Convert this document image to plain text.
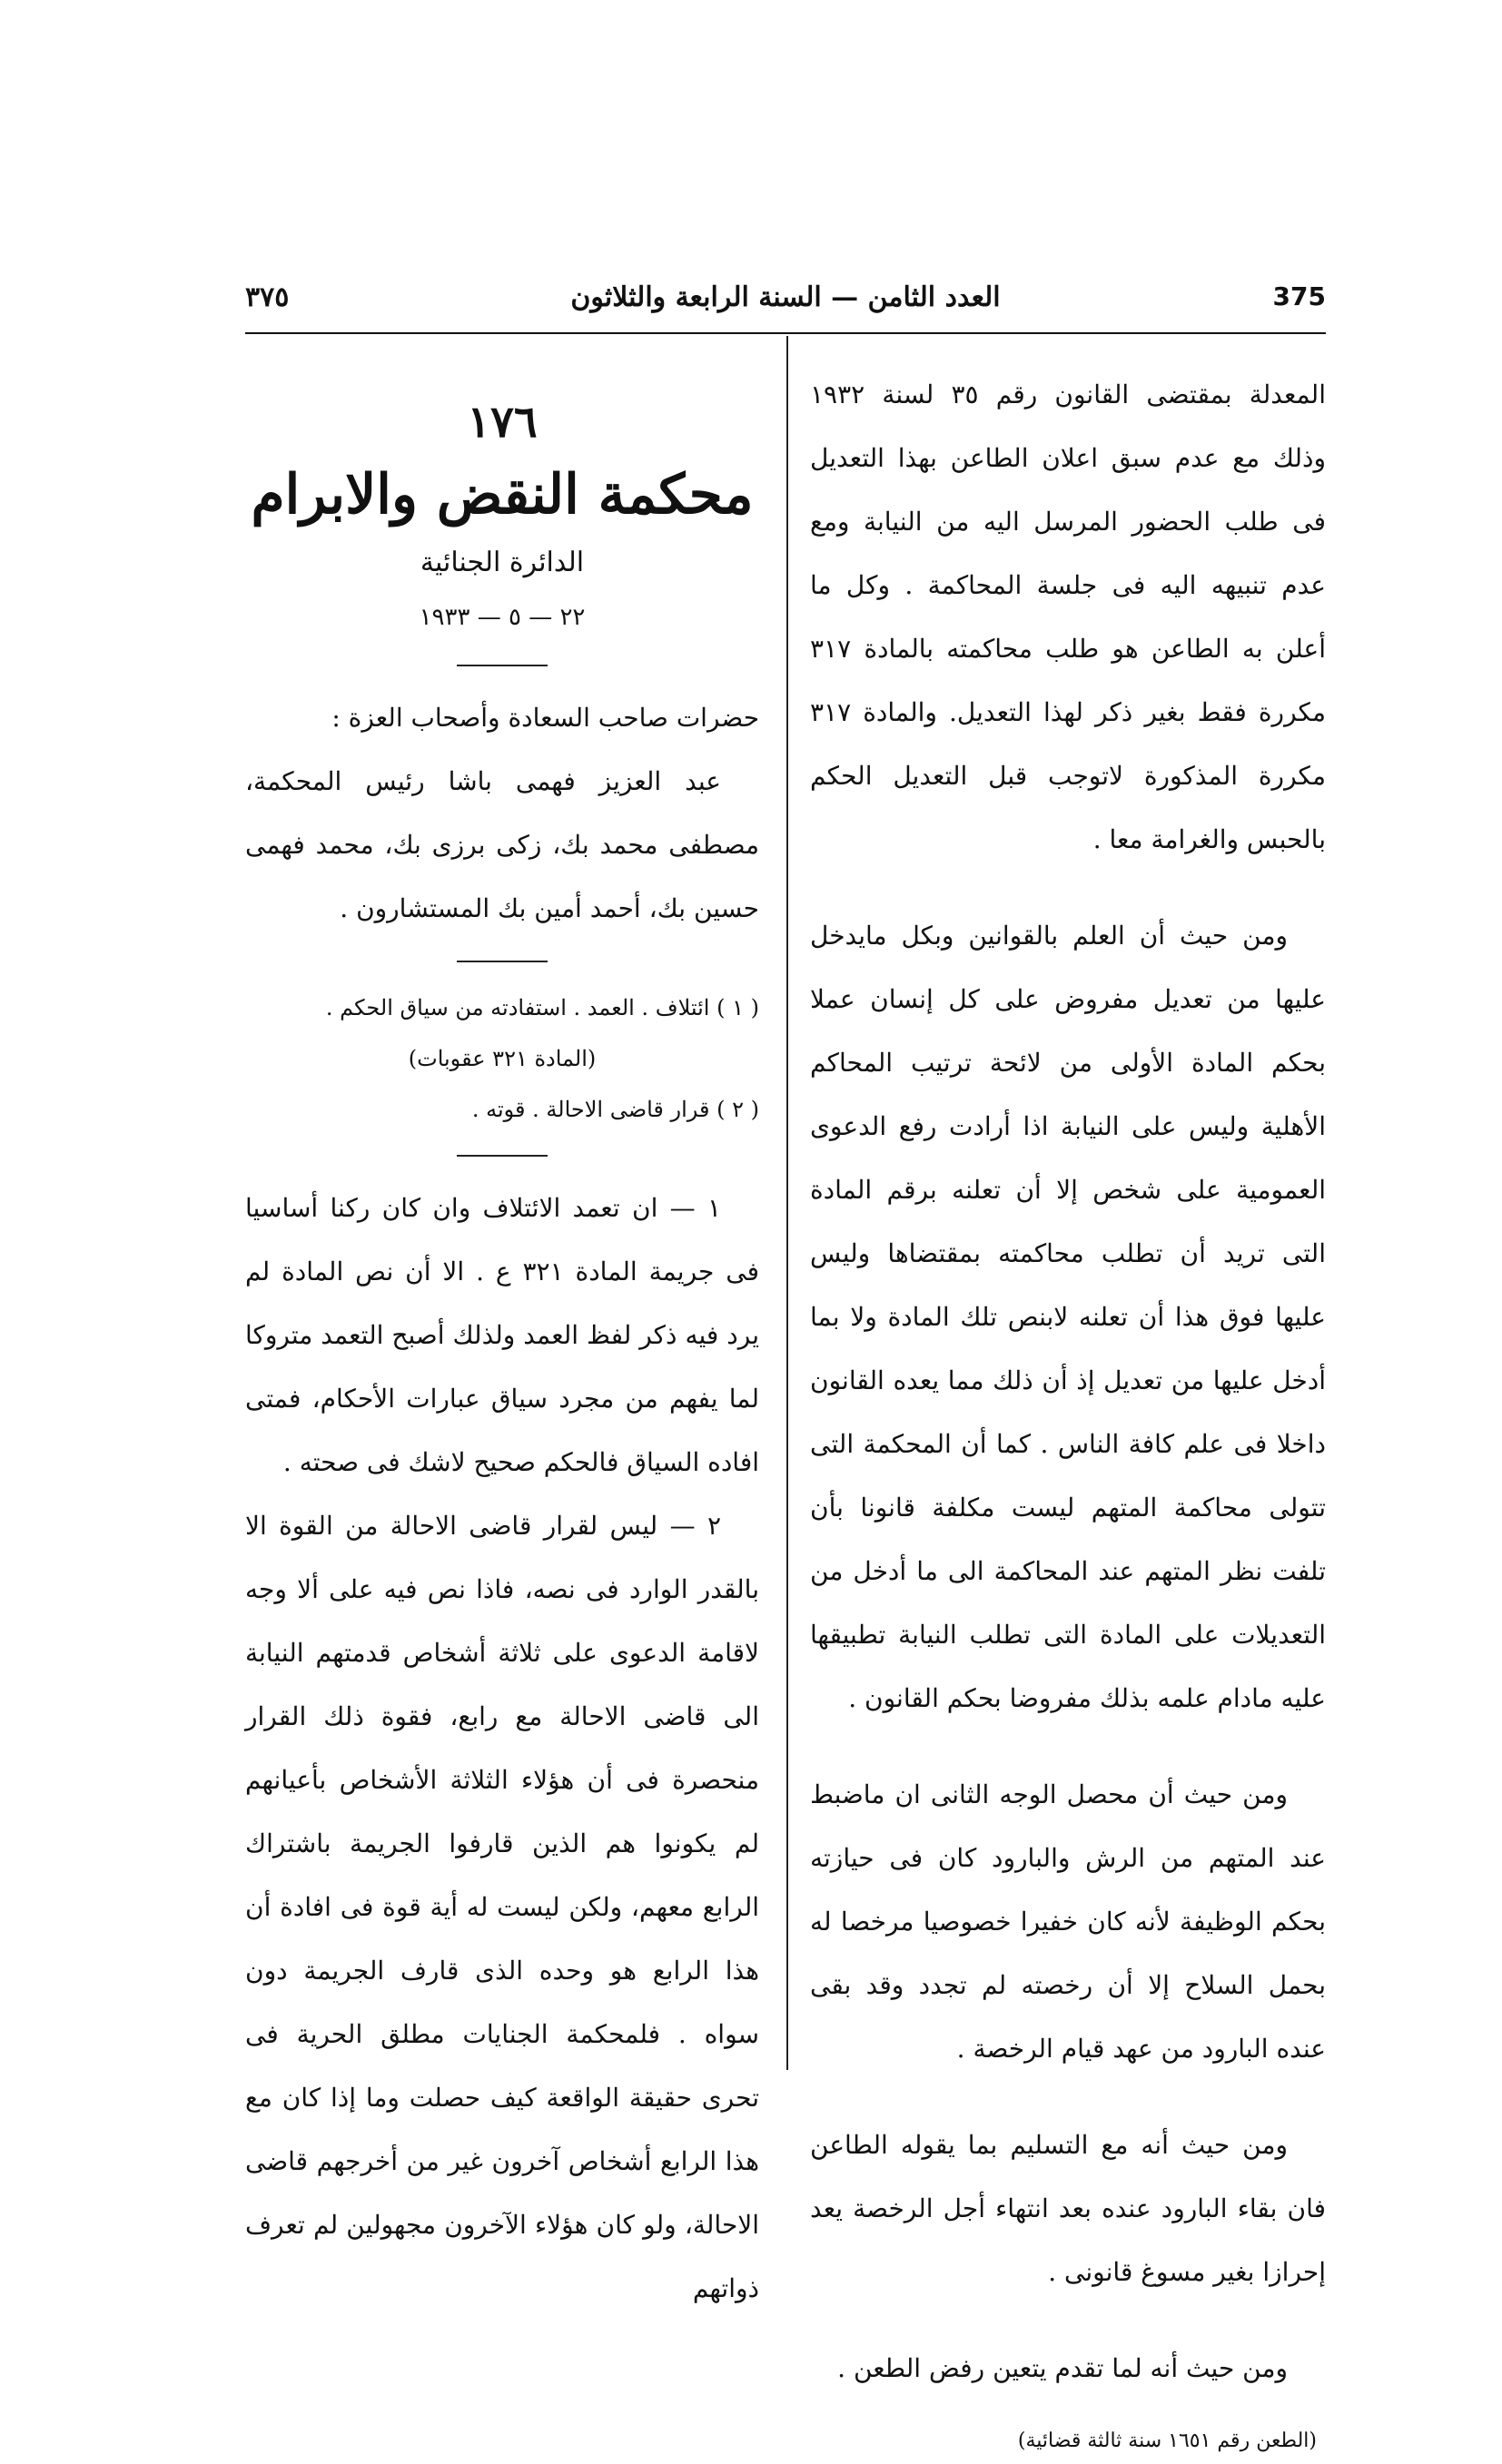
٣٧٥	العدد الثامن — السنة الرابعة والثلاثون	375

المعدلة بمقتضى القانون رقم ٣٥ لسنة ١٩٣٢ وذلك مع عدم سبق اعلان الطاعن بهذا التعديل فى طلب الحضور المرسل اليه من النيابة ومع عدم تنبيهه اليه فى جلسة المحاكمة . وكل ما أعلن به الطاعن هو طلب محاكمته بالمادة ٣١٧ مكررة فقط بغير ذكر لهذا التعديل. والمادة ٣١٧ مكررة المذكورة لاتوجب قبل التعديل الحكم بالحبس والغرامة معا .

ومن حيث أن العلم بالقوانين وبكل مايدخل عليها من تعديل مفروض على كل إنسان عملا بحكم المادة الأولى من لائحة ترتيب المحاكم الأهلية وليس على النيابة اذا أرادت رفع الدعوى العمومية على شخص إلا أن تعلنه برقم المادة التى تريد أن تطلب محاكمته بمقتضاها وليس عليها فوق هذا أن تعلنه لابنص تلك المادة ولا بما أدخل عليها من تعديل إذ أن ذلك مما يعده القانون داخلا فى علم كافة الناس . كما أن المحكمة التى تتولى محاكمة المتهم ليست مكلفة قانونا بأن تلفت نظر المتهم عند المحاكمة الى ما أدخل من التعديلات على المادة التى تطلب النيابة تطبيقها عليه مادام علمه بذلك مفروضا بحكم القانون .

ومن حيث أن محصل الوجه الثانى ان ماضبط عند المتهم من الرش والبارود كان فى حيازته بحكم الوظيفة لأنه كان خفيرا خصوصيا مرخصا له بحمل السلاح إلا أن رخصته لم تجدد وقد بقى عنده البارود من عهد قيام الرخصة .

ومن حيث أنه مع التسليم بما يقوله الطاعن فان بقاء البارود عنده بعد انتهاء أجل الرخصة يعد إحرازا بغير مسوغ قانونى .

ومن حيث أنه لما تقدم يتعين رفض الطعن .

(الطعن رقم ١٦٥١ سنة ثالثة قضائية)

١٧٦

محكمة النقض والابرام

الدائرة الجنائية

٢٢ — ٥ — ١٩٣٣

حضرات صاحب السعادة وأصحاب العزة :

عبد العزيز فهمى باشا رئيس المحكمة، مصطفى محمد بك، زكى برزى بك، محمد فهمى حسين بك، أحمد أمين بك المستشارون .

( ١ ) ائتلاف . العمد . استفادته من سياق الحكم .

(المادة ٣٢١ عقوبات)

( ٢ ) قرار قاضى الاحالة . قوته .

١ — ان تعمد الائتلاف وان كان ركنا أساسيا فى جريمة المادة ٣٢١ ع . الا أن نص المادة لم يرد فيه ذكر لفظ العمد ولذلك أصبح التعمد متروكا لما يفهم من مجرد سياق عبارات الأحكام، فمتى افاده السياق فالحكم صحيح لاشك فى صحته .

٢ — ليس لقرار قاضى الاحالة من القوة الا بالقدر الوارد فى نصه، فاذا نص فيه على ألا وجه لاقامة الدعوى على ثلاثة أشخاص قدمتهم النيابة الى قاضى الاحالة مع رابع، فقوة ذلك القرار منحصرة فى أن هؤلاء الثلاثة الأشخاص بأعيانهم لم يكونوا هم الذين قارفوا الجريمة باشتراك الرابع معهم، ولكن ليست له أية قوة فى افادة أن هذا الرابع هو وحده الذى قارف الجريمة دون سواه . فلمحكمة الجنايات مطلق الحرية فى تحرى حقيقة الواقعة كيف حصلت وما إذا كان مع هذا الرابع أشخاص آخرون غير من أخرجهم قاضى الاحالة، ولو كان هؤلاء الآخرون مجهولين لم تعرف ذواتهم
